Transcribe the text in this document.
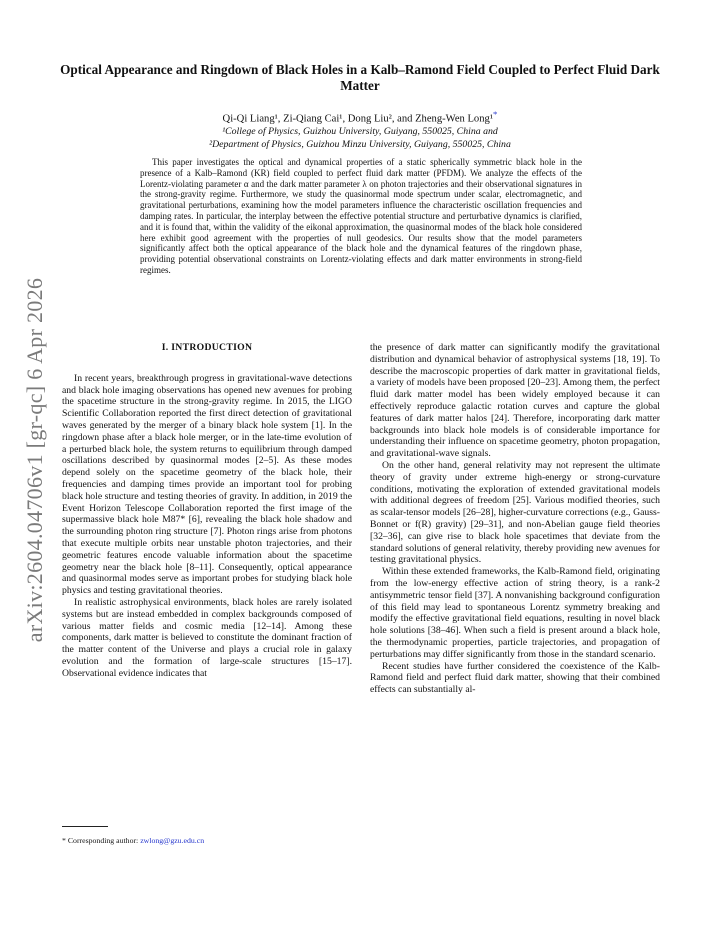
arXiv:2604.04706v1 [gr-qc] 6 Apr 2026
Optical Appearance and Ringdown of Black Holes in a Kalb–Ramond Field Coupled to Perfect Fluid Dark Matter
Qi-Qi Liang¹, Zi-Qiang Cai¹, Dong Liu², and Zheng-Wen Long¹*
¹College of Physics, Guizhou University, Guiyang, 550025, China and
²Department of Physics, Guizhou Minzu University, Guiyang, 550025, China
This paper investigates the optical and dynamical properties of a static spherically symmetric black hole in the presence of a Kalb–Ramond (KR) field coupled to perfect fluid dark matter (PFDM). We analyze the effects of the Lorentz-violating parameter α and the dark matter parameter λ on photon trajectories and their observational signatures in the strong-gravity regime. Furthermore, we study the quasinormal mode spectrum under scalar, electromagnetic, and gravitational perturbations, examining how the model parameters influence the characteristic oscillation frequencies and damping rates. In particular, the interplay between the effective potential structure and perturbative dynamics is clarified, and it is found that, within the validity of the eikonal approximation, the quasinormal modes of the black hole considered here exhibit good agreement with the properties of null geodesics. Our results show that the model parameters significantly affect both the optical appearance of the black hole and the dynamical features of the ringdown phase, providing potential observational constraints on Lorentz-violating effects and dark matter environments in strong-field regimes.
I. INTRODUCTION

In recent years, breakthrough progress in gravitational-wave detections and black hole imaging observations has opened new avenues for probing the spacetime structure in the strong-gravity regime. In 2015, the LIGO Scientific Collaboration reported the first direct detection of gravitational waves generated by the merger of a binary black hole system [1]. In the ringdown phase after a black hole merger, or in the late-time evolution of a perturbed black hole, the system returns to equilibrium through damped oscillations described by quasinormal modes [2–5]. As these modes depend solely on the spacetime geometry of the black hole, their frequencies and damping times provide an important tool for probing black hole structure and testing theories of gravity. In addition, in 2019 the Event Horizon Telescope Collaboration reported the first image of the supermassive black hole M87* [6], revealing the black hole shadow and the surrounding photon ring structure [7]. Photon rings arise from photons that execute multiple orbits near unstable photon trajectories, and their geometric features encode valuable information about the spacetime geometry near the black hole [8–11]. Consequently, optical appearance and quasinormal modes serve as important probes for studying black hole physics and testing gravitational theories.

In realistic astrophysical environments, black holes are rarely isolated systems but are instead embedded in complex backgrounds composed of various matter fields and cosmic media [12–14]. Among these components, dark matter is believed to constitute the dominant fraction of the matter content of the Universe and plays a crucial role in galaxy evolution and the formation of large-scale structures [15–17]. Observational evidence indicates that

the presence of dark matter can significantly modify the gravitational distribution and dynamical behavior of astrophysical systems [18, 19]. To describe the macroscopic properties of dark matter in gravitational fields, a variety of models have been proposed [20–23]. Among them, the perfect fluid dark matter model has been widely employed because it can effectively reproduce galactic rotation curves and capture the global features of dark matter halos [24]. Therefore, incorporating dark matter backgrounds into black hole models is of considerable importance for understanding their influence on spacetime geometry, photon propagation, and gravitational-wave signals.

On the other hand, general relativity may not represent the ultimate theory of gravity under extreme high-energy or strong-curvature conditions, motivating the exploration of extended gravitational models with additional degrees of freedom [25]. Various modified theories, such as scalar-tensor models [26–28], higher-curvature corrections (e.g., Gauss-Bonnet or f(R) gravity) [29–31], and non-Abelian gauge field theories [32–36], can give rise to black hole spacetimes that deviate from the standard solutions of general relativity, thereby providing new avenues for testing gravitational physics.

Within these extended frameworks, the Kalb-Ramond field, originating from the low-energy effective action of string theory, is a rank-2 antisymmetric tensor field [37]. A nonvanishing background configuration of this field may lead to spontaneous Lorentz symmetry breaking and modify the effective gravitational field equations, resulting in novel black hole solutions [38–46]. When such a field is present around a black hole, the thermodynamic properties, particle trajectories, and propagation of perturbations may differ significantly from those in the standard scenario.

Recent studies have further considered the coexistence of the Kalb-Ramond field and perfect fluid dark matter, showing that their combined effects can substantially al-

* Corresponding author: zwlong@gzu.edu.cn
